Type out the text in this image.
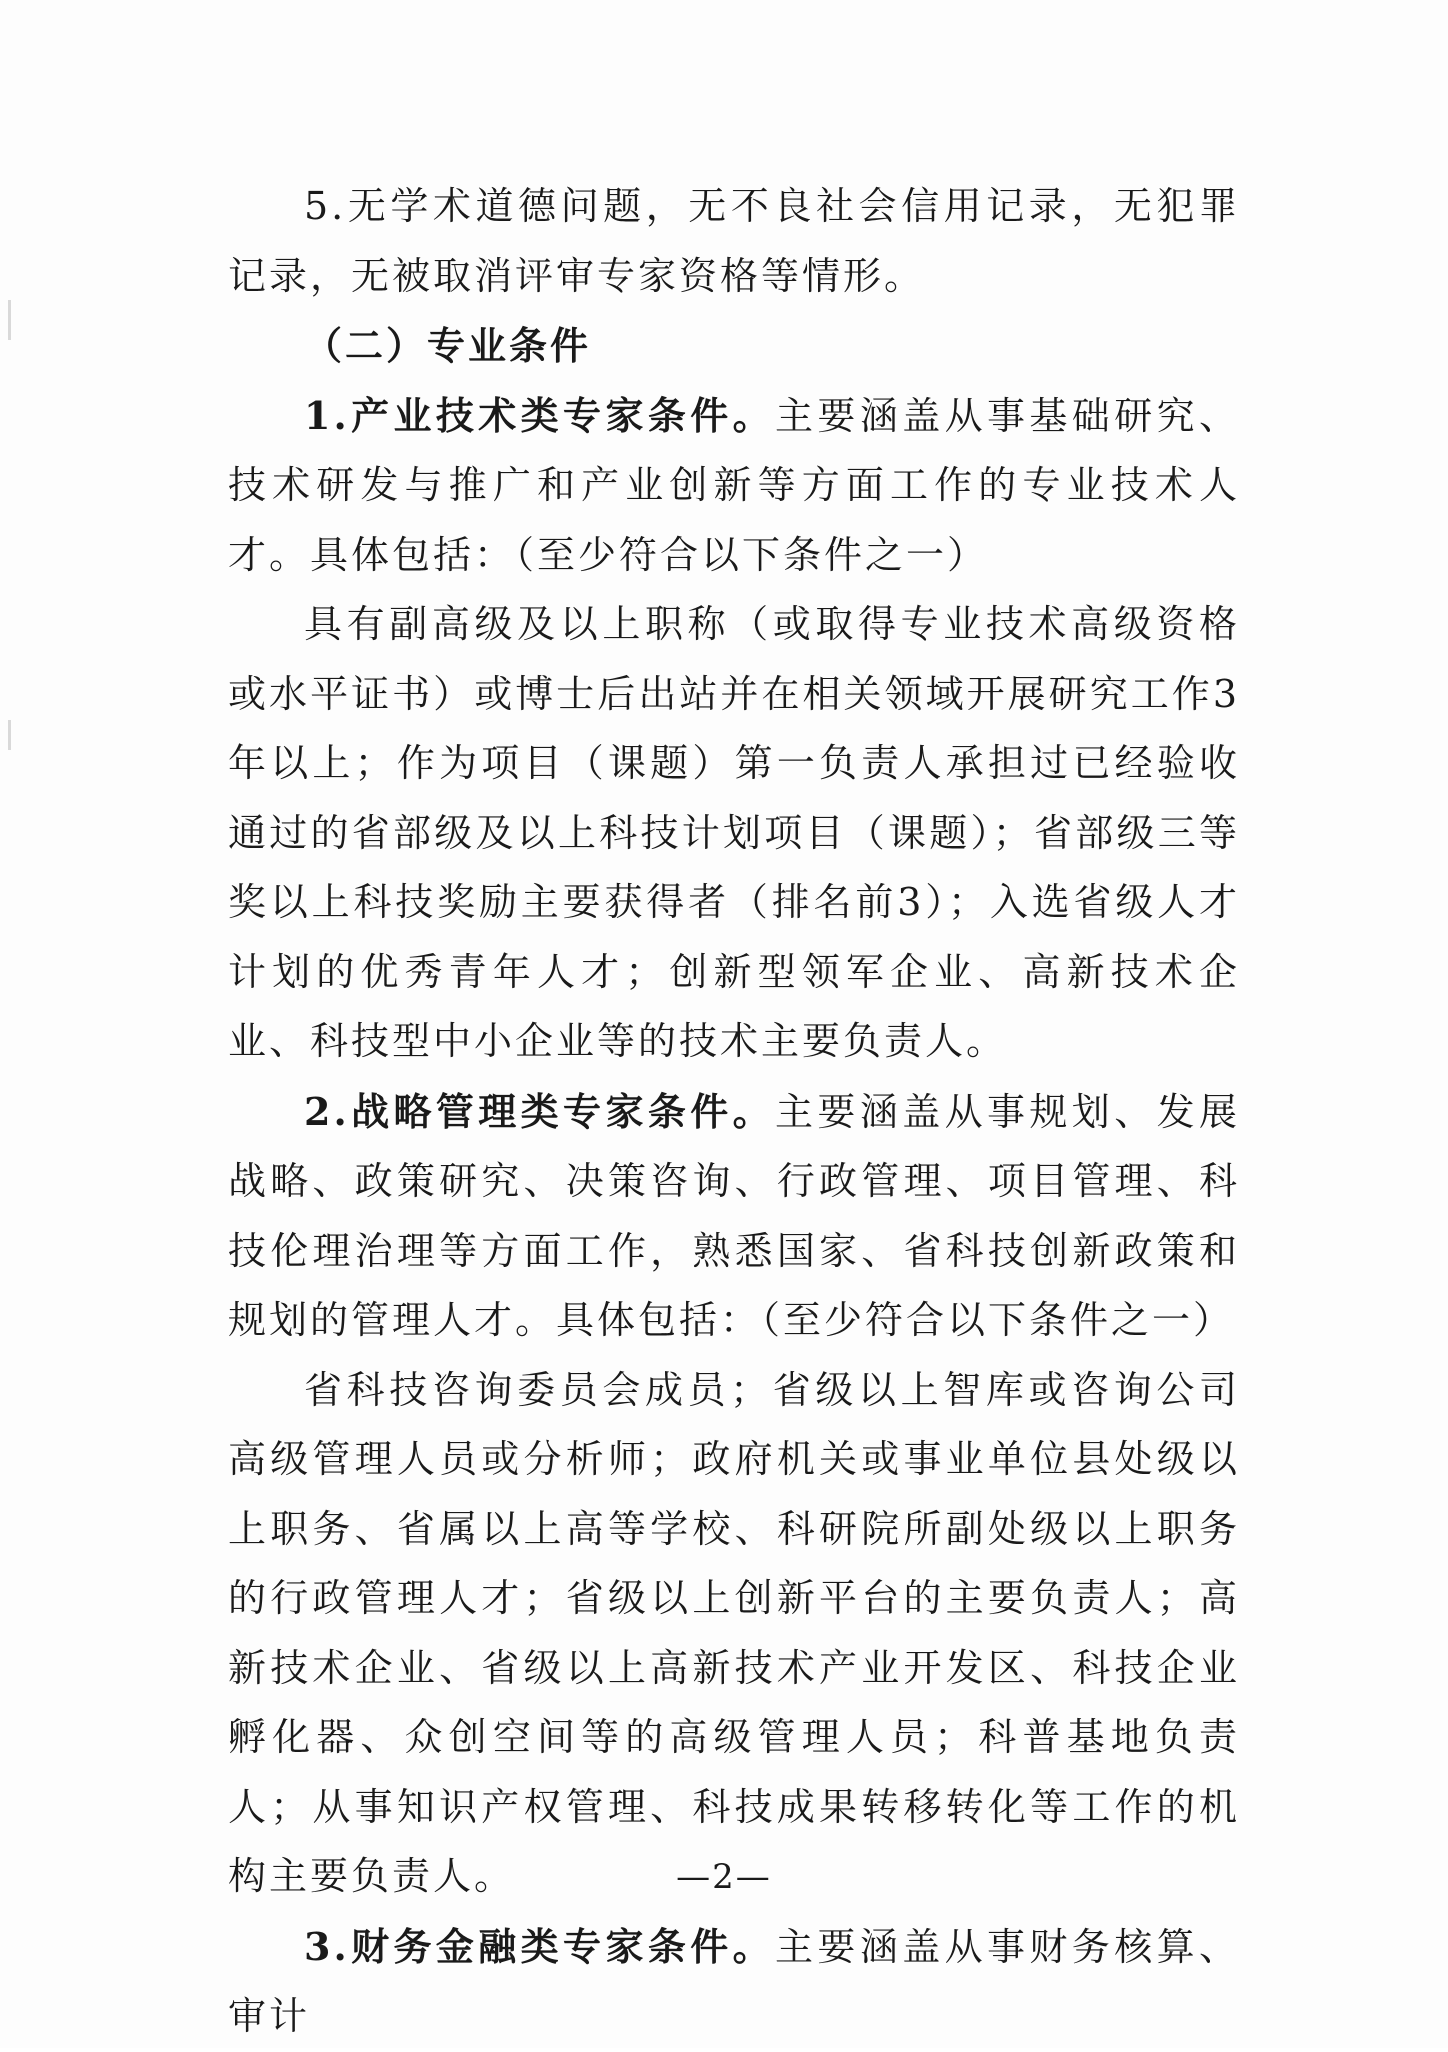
5.无学术道德问题，无不良社会信用记录，无犯罪记录，无被取消评审专家资格等情形。

（二）专业条件

1.产业技术类专家条件。主要涵盖从事基础研究、技术研发与推广和产业创新等方面工作的专业技术人才。具体包括：（至少符合以下条件之一）

具有副高级及以上职称（或取得专业技术高级资格或水平证书）或博士后出站并在相关领域开展研究工作3年以上；作为项目（课题）第一负责人承担过已经验收通过的省部级及以上科技计划项目（课题）；省部级三等奖以上科技奖励主要获得者（排名前3）；入选省级人才计划的优秀青年人才；创新型领军企业、高新技术企业、科技型中小企业等的技术主要负责人。

2.战略管理类专家条件。主要涵盖从事规划、发展战略、政策研究、决策咨询、行政管理、项目管理、科技伦理治理等方面工作，熟悉国家、省科技创新政策和规划的管理人才。具体包括：（至少符合以下条件之一）

省科技咨询委员会成员；省级以上智库或咨询公司高级管理人员或分析师；政府机关或事业单位县处级以上职务、省属以上高等学校、科研院所副处级以上职务的行政管理人才；省级以上创新平台的主要负责人；高新技术企业、省级以上高新技术产业开发区、科技企业孵化器、众创空间等的高级管理人员；科普基地负责人；从事知识产权管理、科技成果转移转化等工作的机构主要负责人。

3.财务金融类专家条件。主要涵盖从事财务核算、审计

—2—
